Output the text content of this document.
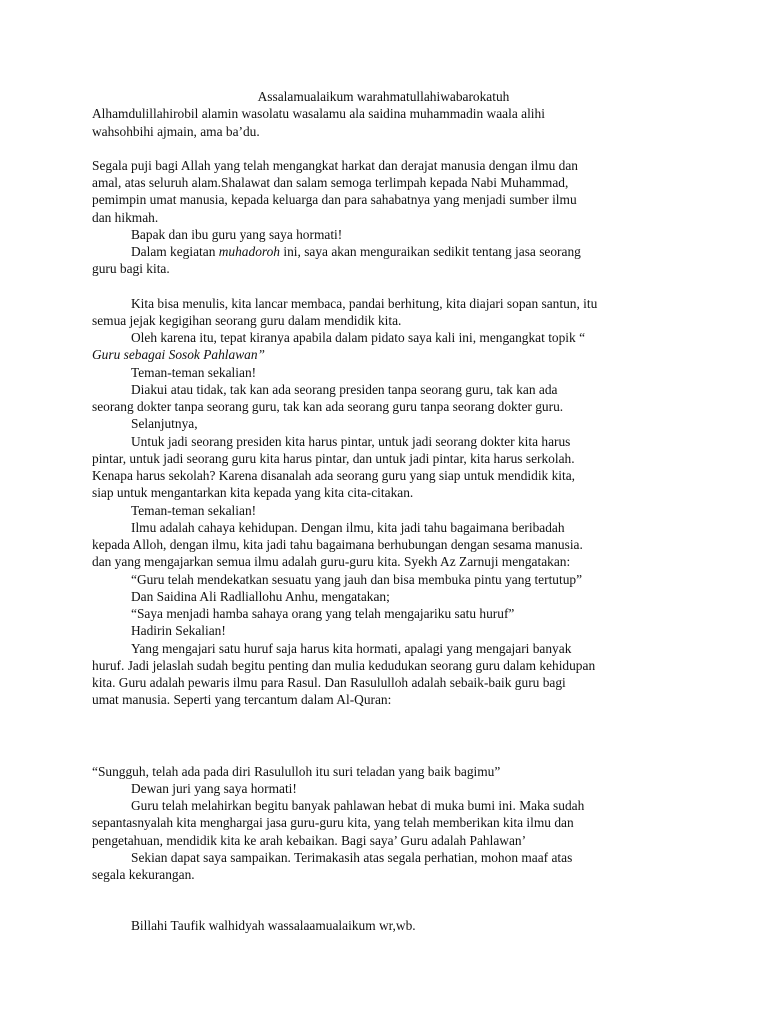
Assalamualaikum warahmatullahiwabarokatuh

Alhamdulillahirobil alamin wasolatu wasalamu ala saidina muhammadin waala alihi

wahsohbihi ajmain, ama ba’du.

Segala puji bagi Allah yang telah mengangkat harkat dan derajat manusia dengan ilmu dan

amal, atas seluruh alam.Shalawat dan salam semoga terlimpah kepada Nabi Muhammad,

pemimpin umat manusia, kepada keluarga dan para sahabatnya yang menjadi sumber ilmu

dan hikmah.

Bapak dan ibu guru yang saya hormati!

Dalam kegiatan muhadoroh ini, saya akan menguraikan sedikit tentang jasa seorang

guru bagi kita.

Kita bisa menulis, kita lancar membaca, pandai berhitung, kita diajari sopan santun, itu

semua jejak kegigihan seorang guru dalam mendidik kita.

Oleh karena itu, tepat kiranya apabila dalam pidato saya kali ini, mengangkat topik “

Guru sebagai Sosok Pahlawan”

Teman-teman sekalian!

Diakui atau tidak, tak kan ada seorang presiden tanpa seorang guru, tak kan ada

seorang dokter tanpa seorang guru, tak kan ada seorang guru tanpa seorang dokter guru.

Selanjutnya,

Untuk jadi seorang presiden kita harus pintar, untuk jadi seorang dokter kita harus

pintar, untuk jadi seorang guru kita harus pintar, dan untuk jadi pintar, kita harus serkolah.

Kenapa harus sekolah? Karena disanalah ada seorang guru yang siap untuk mendidik kita,

siap untuk mengantarkan kita kepada yang kita cita-citakan.

Teman-teman sekalian!

Ilmu adalah cahaya kehidupan. Dengan ilmu, kita jadi tahu bagaimana beribadah

kepada Alloh, dengan ilmu, kita jadi tahu bagaimana berhubungan dengan sesama manusia.

dan yang mengajarkan semua ilmu adalah guru-guru kita. Syekh Az Zarnuji mengatakan:

“Guru telah mendekatkan sesuatu yang jauh dan bisa membuka pintu yang tertutup”

Dan Saidina Ali Radliallohu Anhu, mengatakan;

“Saya menjadi hamba sahaya orang yang telah mengajariku satu huruf”

Hadirin Sekalian!

Yang mengajari satu huruf saja harus kita hormati, apalagi yang mengajari banyak

huruf. Jadi jelaslah sudah begitu penting dan mulia kedudukan seorang guru dalam kehidupan

kita. Guru adalah pewaris ilmu para Rasul. Dan Rasululloh adalah sebaik-baik guru bagi

umat manusia. Seperti yang tercantum dalam Al-Quran:

“Sungguh, telah ada pada diri Rasululloh itu suri teladan yang baik bagimu”

Dewan juri yang saya hormati!

Guru telah melahirkan begitu banyak pahlawan hebat di muka bumi ini. Maka sudah

sepantasnyalah kita menghargai jasa guru-guru kita, yang telah memberikan kita ilmu dan

pengetahuan, mendidik kita ke arah kebaikan. Bagi saya’ Guru adalah Pahlawan’

Sekian dapat saya sampaikan. Terimakasih atas segala perhatian, mohon maaf atas

segala kekurangan.

Billahi Taufik walhidyah wassalaamualaikum wr,wb.
